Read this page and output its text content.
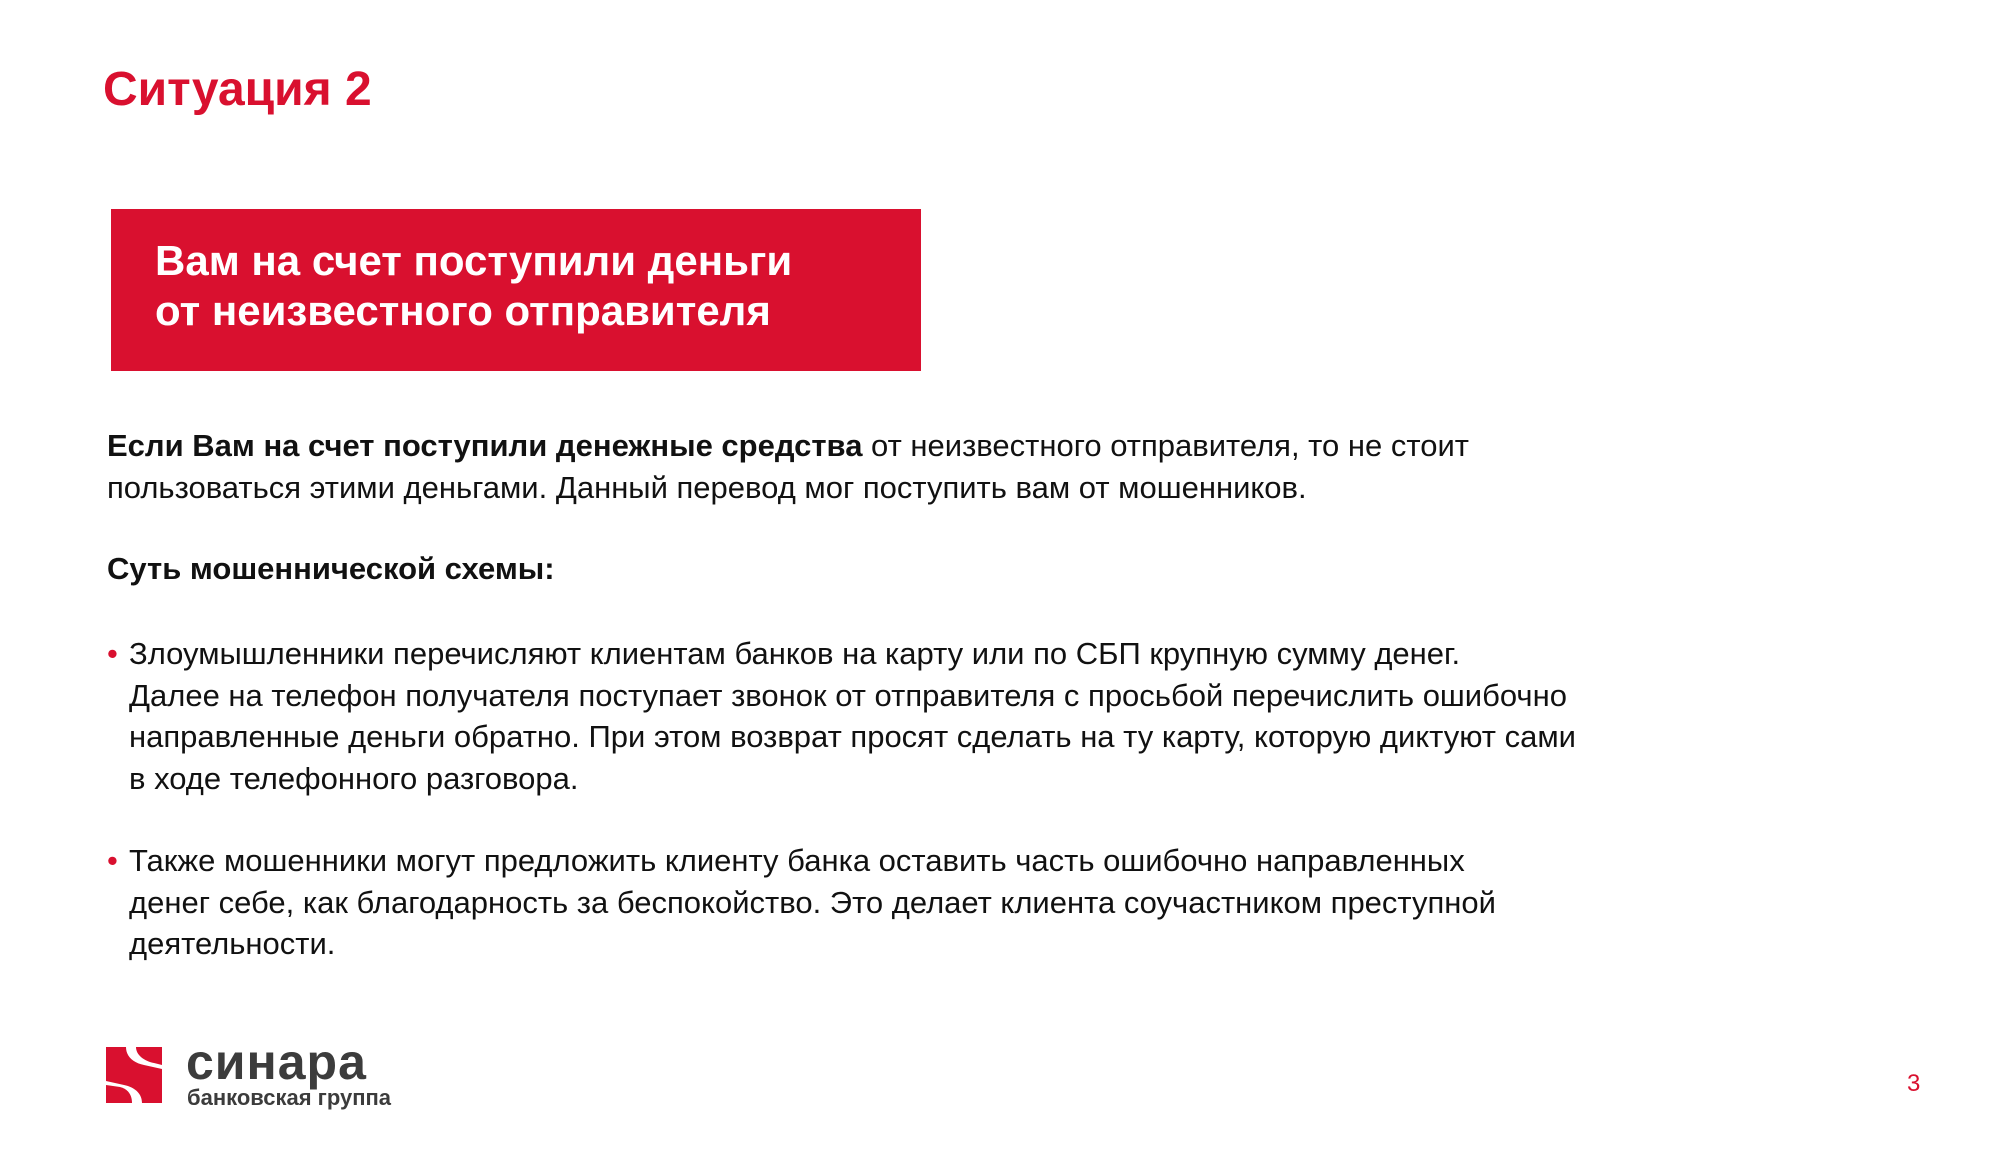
Ситуация 2
Вам на счет поступили деньги
от неизвестного отправителя
Если Вам на счет поступили денежные средства от неизвестного отправителя, то не стоит
пользоваться этими деньгами. Данный перевод мог поступить вам от мошенников.
Суть мошеннической схемы:
• Злоумышленники перечисляют клиентам банков на карту или по СБП крупную сумму денег.
Далее на телефон получателя поступает звонок от отправителя с просьбой перечислить ошибочно
направленные деньги обратно. При этом возврат просят сделать на ту карту, которую диктуют сами
в ходе телефонного разговора.
• Также мошенники могут предложить клиенту банка оставить часть ошибочно направленных
денег себе, как благодарность за беспокойство. Это делает клиента соучастником преступной
деятельности.
синара
банковская группа
3
